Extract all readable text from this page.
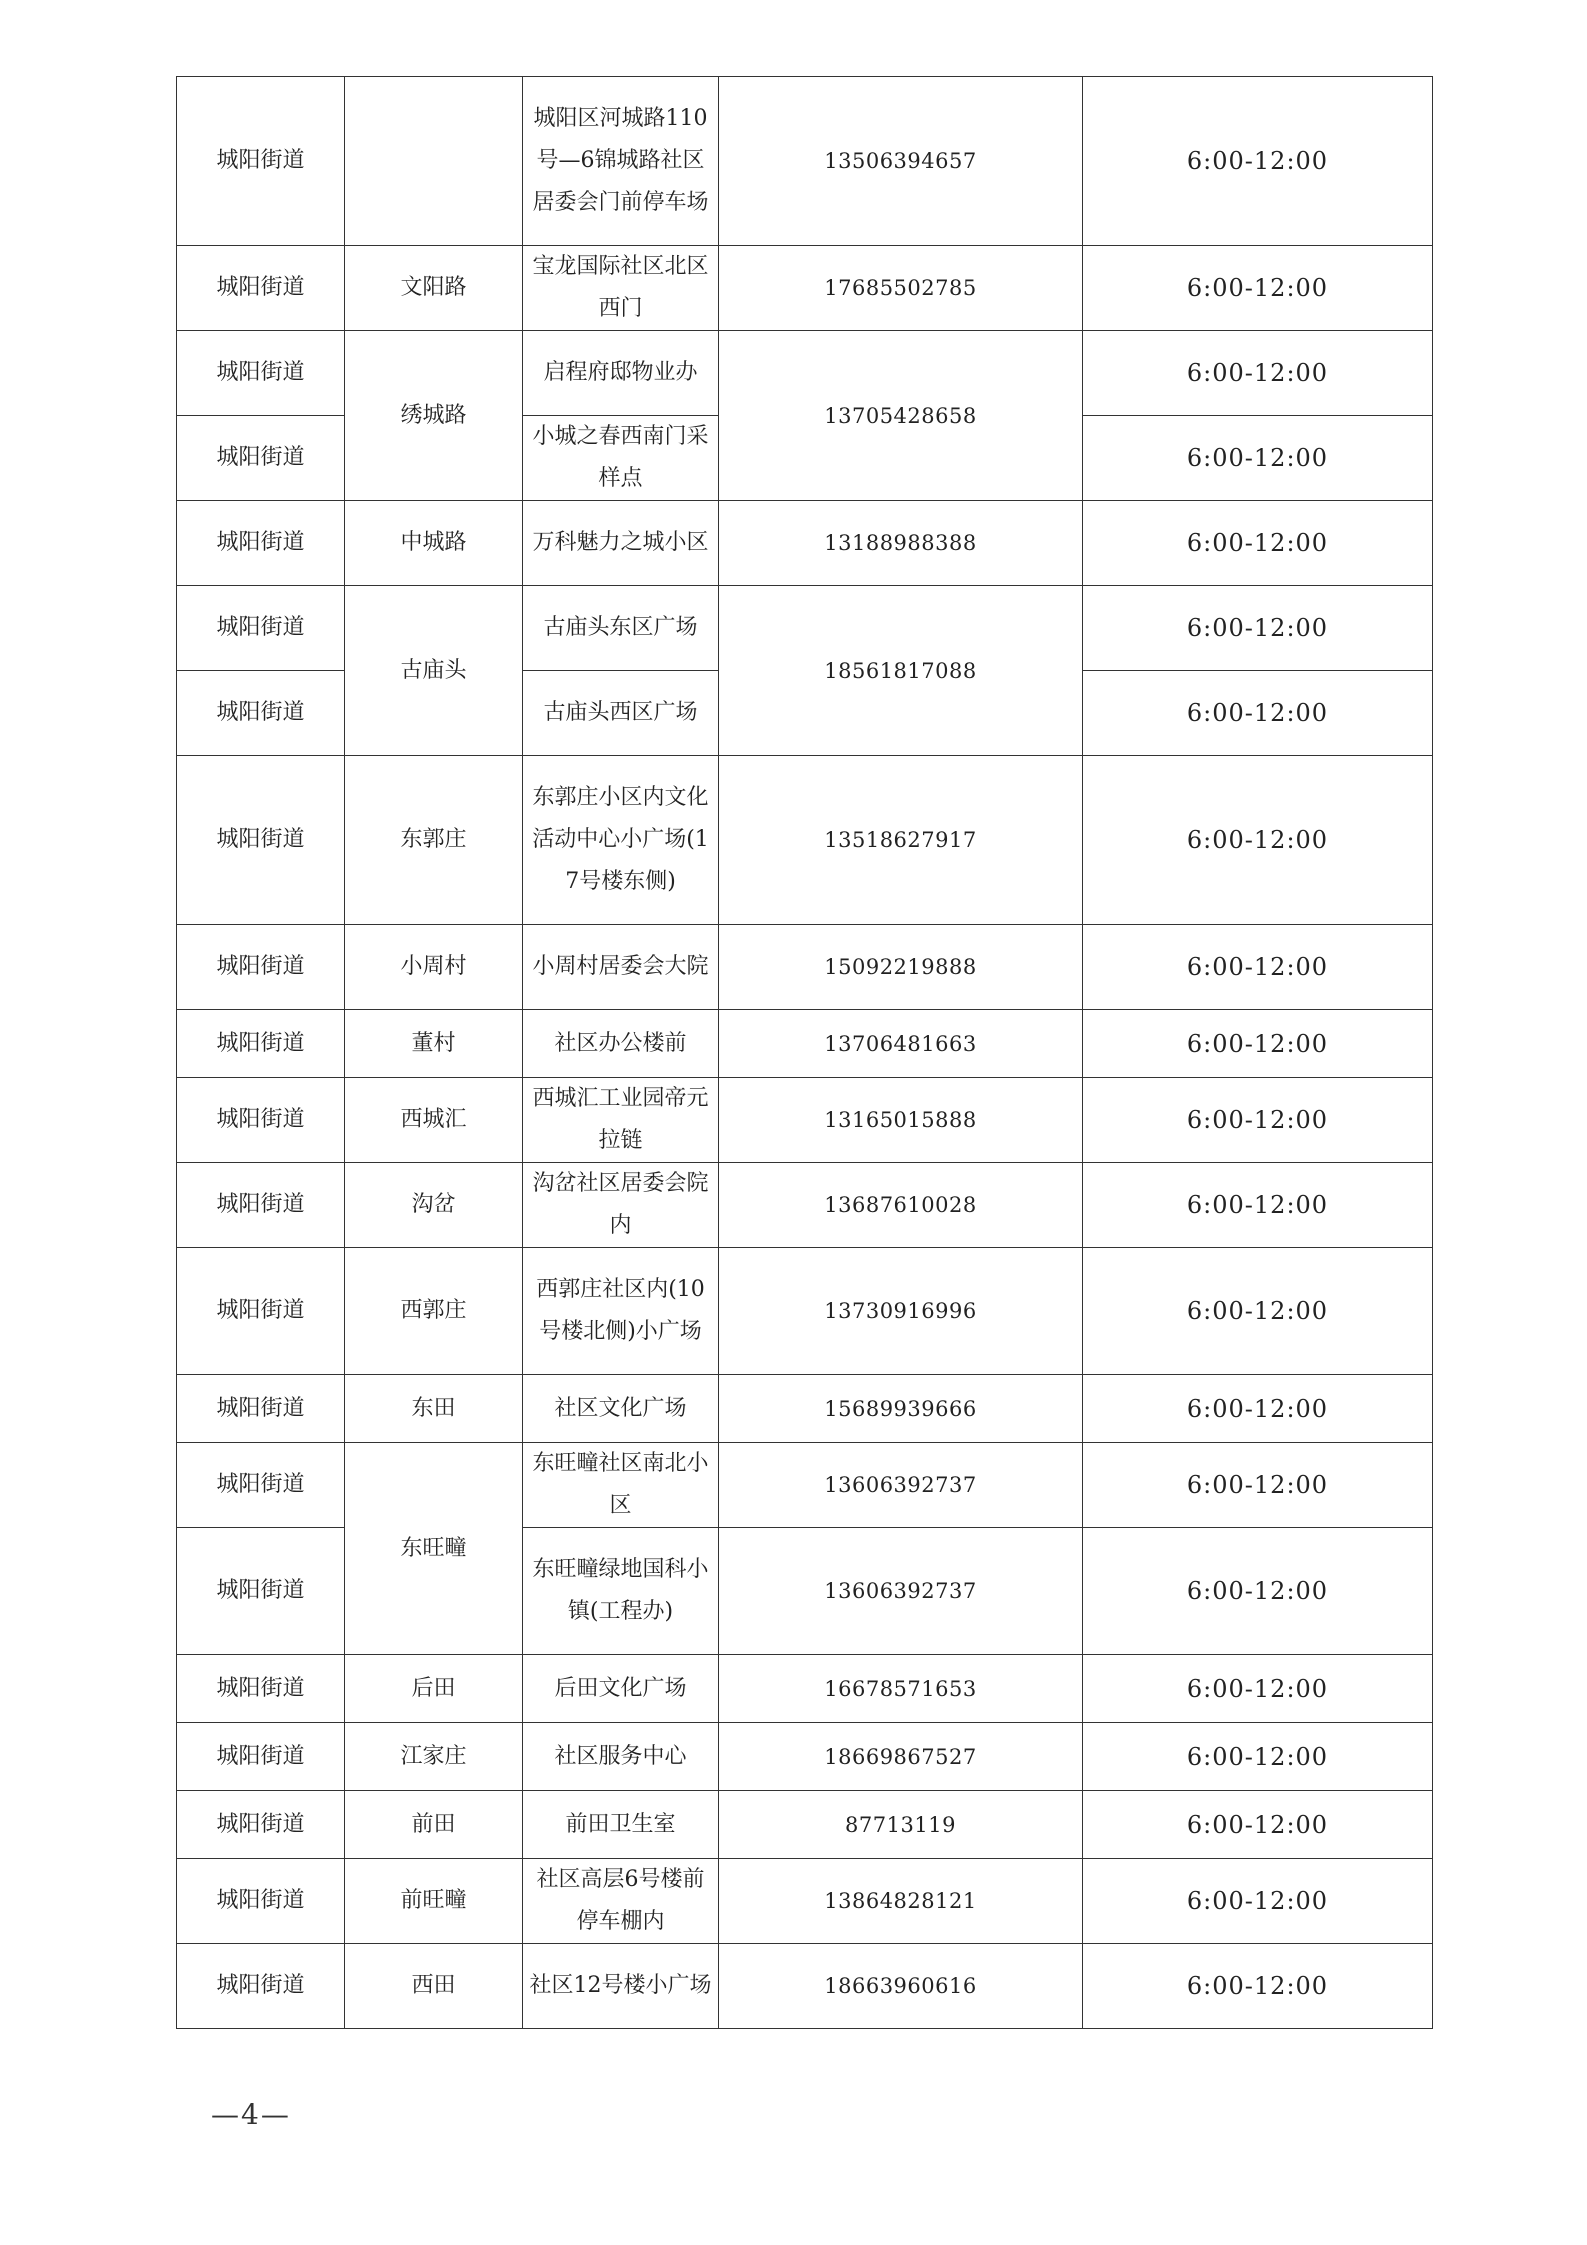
城阳街道		城阳区河城路110号—6锦城路社区居委会门前停车场	13506394657	6:00-12:00
城阳街道	文阳路	宝龙国际社区北区西门	17685502785	6:00-12:00
城阳街道	绣城路	启程府邸物业办	13705428658	6:00-12:00
城阳街道		小城之春西南门采样点		6:00-12:00
城阳街道	中城路	万科魅力之城小区	13188988388	6:00-12:00
城阳街道	古庙头	古庙头东区广场	18561817088	6:00-12:00
城阳街道		古庙头西区广场		6:00-12:00
城阳街道	东郭庄	东郭庄小区内文化活动中心小广场(17号楼东侧)	13518627917	6:00-12:00
城阳街道	小周村	小周村居委会大院	15092219888	6:00-12:00
城阳街道	董村	社区办公楼前	13706481663	6:00-12:00
城阳街道	西城汇	西城汇工业园帝元拉链	13165015888	6:00-12:00
城阳街道	沟岔	沟岔社区居委会院内	13687610028	6:00-12:00
城阳街道	西郭庄	西郭庄社区内(10号楼北侧)小广场	13730916996	6:00-12:00
城阳街道	东田	社区文化广场	15689939666	6:00-12:00
城阳街道	东旺疃	东旺疃社区南北小区	13606392737	6:00-12:00
城阳街道		东旺疃绿地国科小镇(工程办)	13606392737	6:00-12:00
城阳街道	后田	后田文化广场	16678571653	6:00-12:00
城阳街道	江家庄	社区服务中心	18669867527	6:00-12:00
城阳街道	前田	前田卫生室	87713119	6:00-12:00
城阳街道	前旺疃	社区高层6号楼前停车棚内	13864828121	6:00-12:00
城阳街道	西田	社区12号楼小广场	18663960616	6:00-12:00
—4—
